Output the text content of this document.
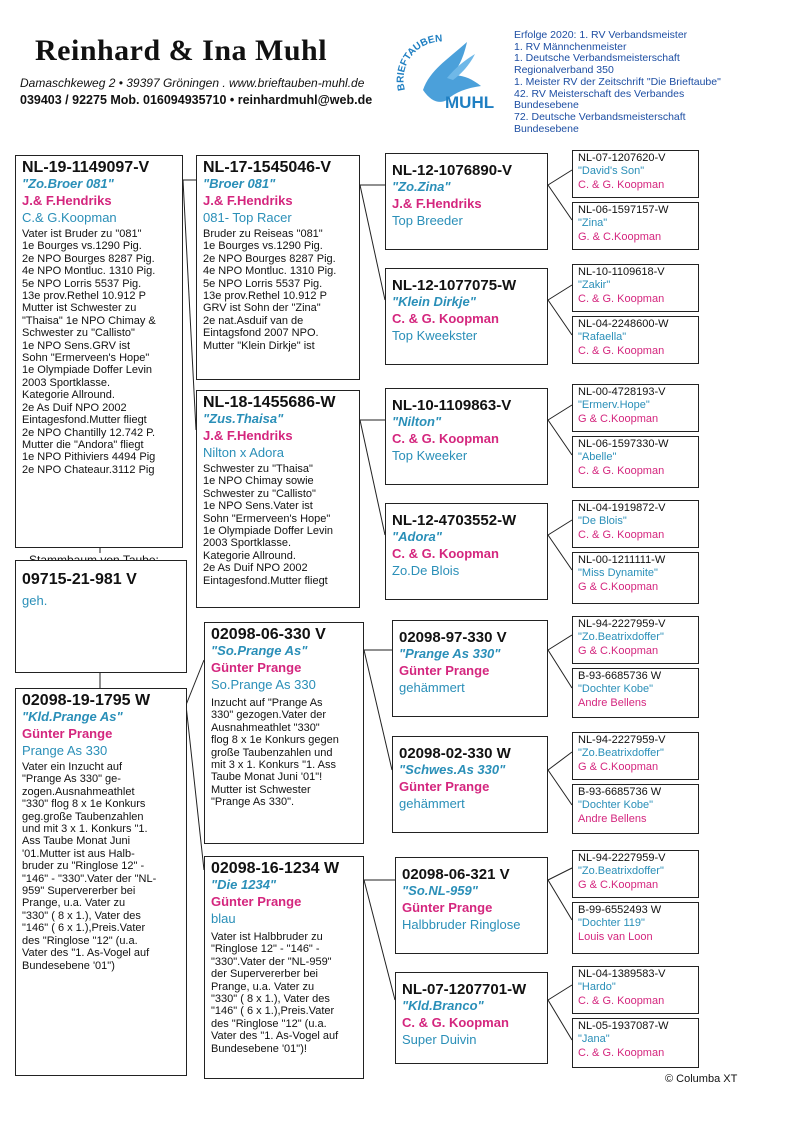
Reinhard & Ina Muhl
Damaschkeweg 2 • 39397 Gröningen . www.brieftauben-muhl.de
039403 / 92275 Mob. 016094935710 • reinhardmuhl@web.de
BRIEFTAUBEN
MUHL
Erfolge 2020: 1. RV Verbandsmeister
1. RV Männchenmeister
1. Deutsche Verbandsmeisterschaft
Regionalverband 350
1. Meister RV der Zeitschrift "Die Brieftaube"
42. RV Meisterschaft des Verbandes
Bundesebene
72. Deutsche Verbandsmeisterschaft
Bundesebene
NL-19-1149097-V
"Zo.Broer 081"
J.& F.Hendriks
C.& G.Koopman
Vater ist Bruder zu "081"
1e Bourges vs.1290 Pig.
2e NPO Bourges 8287 Pig.
4e NPO Montluc. 1310 Pig.
5e NPO Lorris 5537 Pig.
13e prov.Rethel 10.912 P
Mutter ist Schwester zu
"Thaisa" 1e NPO Chimay &
Schwester zu "Callisto"
1e NPO Sens.GRV ist
Sohn "Ermerveen's Hope"
1e Olympiade Doffer Levin
2003 Sportklasse.
Kategorie Allround.
2e As Duif NPO 2002
Eintagesfond.Mutter fliegt
2e NPO Chantilly 12.742 P.
Mutter die "Andora" fliegt
1e NPO Pithiviers 4494 Pig
2e NPO Chateaur.3112 Pig
09715-21-981 V
geh.
02098-19-1795 W
"Kld.Prange As"
Günter Prange
Prange As 330
Vater ein Inzucht auf
"Prange As 330" ge-
zogen.Ausnahmeathlet
"330" flog 8 x 1e Konkurs
geg.große Taubenzahlen
und mit 3 x 1. Konkurs "1.
Ass Taube Monat Juni
'01.Mutter ist aus Halb-
bruder zu "Ringlose 12" -
"146" - "330".Vater der "NL-
959" Supervererber bei
Prange, u.a. Vater zu
"330" ( 8 x 1.), Vater des
"146" ( 6 x 1.),Preis.Vater
des "Ringlose "12" (u.a.
Vater des "1. As-Vogel auf
Bundesebene '01")
NL-17-1545046-V
"Broer 081"
J.& F.Hendriks
081- Top Racer
Bruder zu Reiseas "081"
1e Bourges vs.1290 Pig.
2e NPO Bourges 8287 Pig.
4e NPO Montluc. 1310 Pig.
5e NPO Lorris 5537 Pig.
13e prov.Rethel 10.912 P
GRV ist Sohn der "Zina"
2e nat.Asduif van de
Eintagsfond 2007 NPO.
Mutter "Klein Dirkje" ist
NL-18-1455686-W
"Zus.Thaisa"
J.& F.Hendriks
Nilton x Adora
Schwester zu "Thaisa"
1e NPO Chimay sowie
Schwester zu "Callisto"
1e NPO Sens.Vater ist
Sohn "Ermerveen's Hope"
1e Olympiade Doffer Levin
2003 Sportklasse.
Kategorie Allround.
2e As Duif NPO 2002
Eintagesfond.Mutter fliegt
02098-06-330 V
"So.Prange As"
Günter Prange
So.Prange As 330
Inzucht auf "Prange As
330" gezogen.Vater der
Ausnahmeathlet "330"
flog 8 x 1e Konkurs gegen
große Taubenzahlen und
mit 3 x 1. Konkurs "1. Ass
Taube Monat Juni '01"!
Mutter ist Schwester
"Prange As 330".
02098-16-1234 W
"Die 1234"
Günter Prange
blau
Vater ist Halbbruder zu
"Ringlose 12" - "146" -
"330".Vater der "NL-959"
der Supervererber bei
Prange, u.a. Vater zu
"330" ( 8 x 1.), Vater des
"146" ( 6 x 1.),Preis.Vater
des "Ringlose "12" (u.a.
Vater des "1. As-Vogel auf
Bundesebene '01")!
NL-12-1076890-V
"Zo.Zina"
J.& F.Hendriks
Top Breeder
NL-12-1077075-W
"Klein Dirkje"
C. & G. Koopman
Top Kweekster
NL-10-1109863-V
"Nilton"
C. & G. Koopman
Top Kweeker
NL-12-4703552-W
"Adora"
C. & G. Koopman
Zo.De Blois
02098-97-330 V
"Prange As 330"
Günter Prange
gehämmert
02098-02-330 W
"Schwes.As 330"
Günter Prange
gehämmert
02098-06-321 V
"So.NL-959"
Günter Prange
Halbbruder Ringlose
NL-07-1207701-W
"Kld.Branco"
C. & G. Koopman
Super Duivin
NL-07-1207620-V
"David's Son"
C. & G. Koopman
NL-06-1597157-W
"Zina"
G. & C.Koopman
NL-10-1109618-V
"Zakir"
C. & G. Koopman
NL-04-2248600-W
"Rafaella"
C. & G. Koopman
NL-00-4728193-V
"Ermerv.Hope"
G & C.Koopman
NL-06-1597330-W
"Abelle"
C. & G. Koopman
NL-04-1919872-V
"De Blois"
C. & G. Koopman
NL-00-1211111-W
"Miss Dynamite"
G & C.Koopman
NL-94-2227959-V
"Zo.Beatrixdoffer"
G & C.Koopman
B-93-6685736 W
"Dochter Kobe"
Andre Bellens
NL-94-2227959-V
"Zo.Beatrixdoffer"
G & C.Koopman
B-93-6685736 W
"Dochter Kobe"
Andre Bellens
NL-94-2227959-V
"Zo.Beatrixdoffer"
G & C.Koopman
B-99-6552493 W
"Dochter 119"
Louis van Loon
NL-04-1389583-V
"Hardo"
C. & G. Koopman
NL-05-1937087-W
"Jana"
C. & G. Koopman
© Columba XT
